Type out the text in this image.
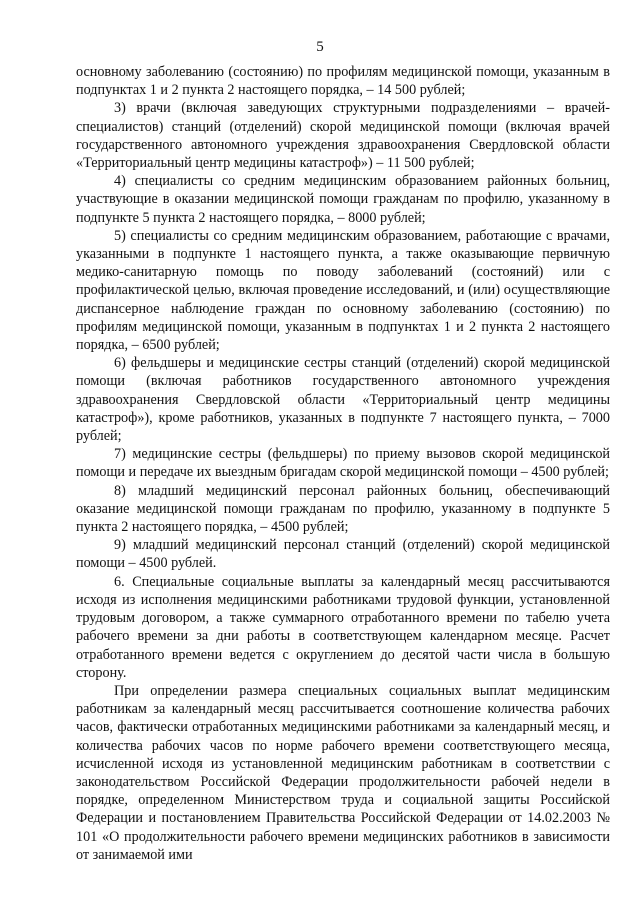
5

основному заболеванию (состоянию) по профилям медицинской помощи, указанным в подпунктах 1 и 2 пункта 2 настоящего порядка, – 14 500 рублей;

3) врачи (включая заведующих структурными подразделениями – врачей-специалистов) станций (отделений) скорой медицинской помощи (включая врачей государственного автономного учреждения здравоохранения Свердловской области «Территориальный центр медицины катастроф») – 11 500 рублей;

4) специалисты со средним медицинским образованием районных больниц, участвующие в оказании медицинской помощи гражданам по профилю, указанному в подпункте 5 пункта 2 настоящего порядка, – 8000 рублей;

5) специалисты со средним медицинским образованием, работающие с врачами, указанными в подпункте 1 настоящего пункта, а также оказывающие первичную медико-санитарную помощь по поводу заболеваний (состояний) или с профилактической целью, включая проведение исследований, и (или) осуществляющие диспансерное наблюдение граждан по основному заболеванию (состоянию) по профилям медицинской помощи, указанным в подпунктах 1 и 2 пункта 2 настоящего порядка, – 6500 рублей;

6) фельдшеры и медицинские сестры станций (отделений) скорой медицинской помощи (включая работников государственного автономного учреждения здравоохранения Свердловской области «Территориальный центр медицины катастроф»), кроме работников, указанных в подпункте 7 настоящего пункта, – 7000 рублей;

7) медицинские сестры (фельдшеры) по приему вызовов скорой медицинской помощи и передаче их выездным бригадам скорой медицинской помощи – 4500 рублей;

8) младший медицинский персонал районных больниц, обеспечивающий оказание медицинской помощи гражданам по профилю, указанному в подпункте 5 пункта 2 настоящего порядка, – 4500 рублей;

9) младший медицинский персонал станций (отделений) скорой медицинской помощи – 4500 рублей.

6. Специальные социальные выплаты за календарный месяц рассчитываются исходя из исполнения медицинскими работниками трудовой функции, установленной трудовым договором, а также суммарного отработанного времени по табелю учета рабочего времени за дни работы в соответствующем календарном месяце. Расчет отработанного времени ведется с округлением до десятой части числа в большую сторону.

При определении размера специальных социальных выплат медицинским работникам за календарный месяц рассчитывается соотношение количества рабочих часов, фактически отработанных медицинскими работниками за календарный месяц, и количества рабочих часов по норме рабочего времени соответствующего месяца, исчисленной исходя из установленной медицинским работникам в соответствии с законодательством Российской Федерации продолжительности рабочей недели в порядке, определенном Министерством труда и социальной защиты Российской Федерации и постановлением Правительства Российской Федерации от 14.02.2003 № 101 «О продолжительности рабочего времени медицинских работников в зависимости от занимаемой ими
